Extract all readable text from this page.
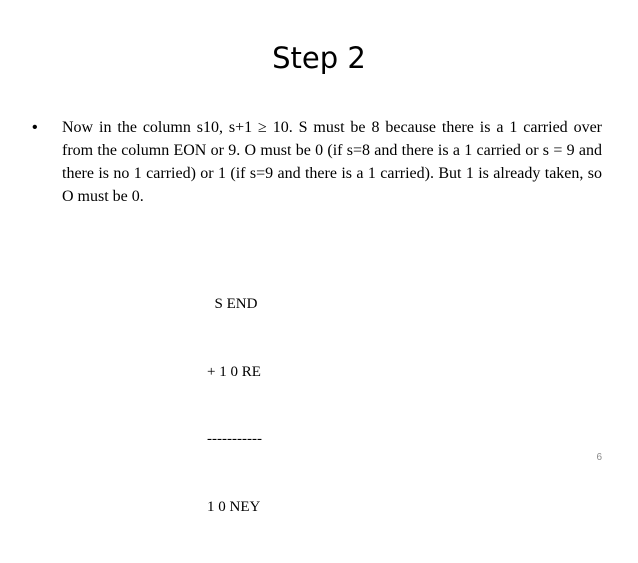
Step 2
• Now in the column s10, s+1 ≥ 10. S must be 8 because there is a 1 carried over from the column EON or 9. O must be 0 (if s=8 and there is a 1 carried or s = 9 and there is no 1 carried) or 1 (if s=9 and there is a 1 carried). But 1 is already taken, so O must be 0.

S END

+ 1 0 RE

-----------

1 0 NEY

6
